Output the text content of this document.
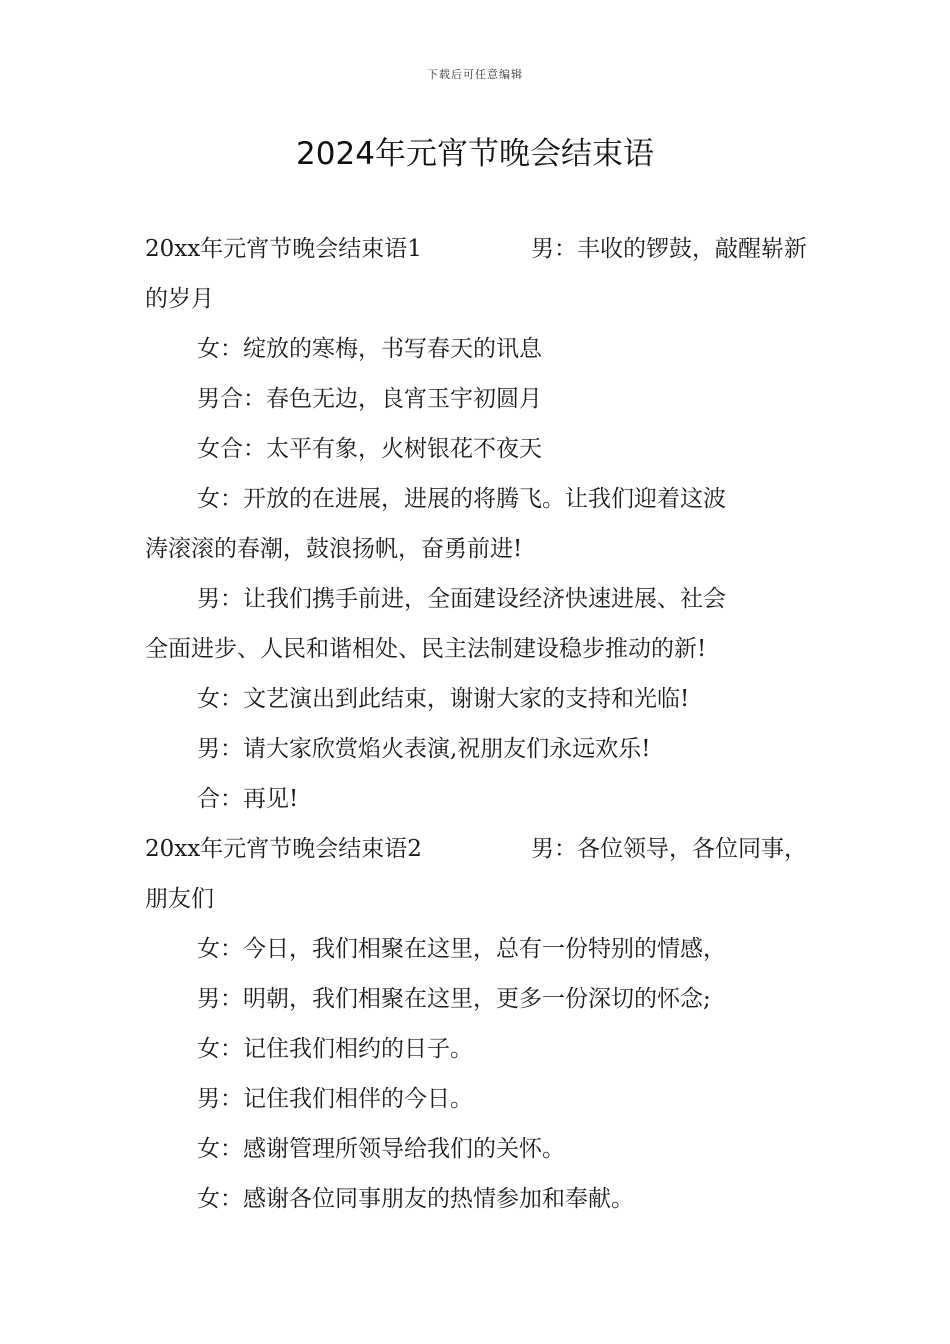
下载后可任意编辑
2024年元宵节晚会结束语
20xx年元宵节晚会结束语1	男：丰收的锣鼓，敲醒崭新
的岁月
女：绽放的寒梅，书写春天的讯息
男合：春色无边，良宵玉宇初圆月
女合：太平有象，火树银花不夜天
女：开放的在进展，进展的将腾飞。让我们迎着这波
涛滚滚的春潮，鼓浪扬帆，奋勇前进!
男：让我们携手前进，全面建设经济快速进展、社会
全面进步、人民和谐相处、民主法制建设稳步推动的新!
女：文艺演出到此结束，谢谢大家的支持和光临!
男：请大家欣赏焰火表演,祝朋友们永远欢乐!
合：再见!
20xx年元宵节晚会结束语2	男：各位领导，各位同事，
朋友们
女：今日，我们相聚在这里，总有一份特别的情感，
男：明朝，我们相聚在这里，更多一份深切的怀念;
女：记住我们相约的日子。
男：记住我们相伴的今日。
女：感谢管理所领导给我们的关怀。
女：感谢各位同事朋友的热情参加和奉献。
